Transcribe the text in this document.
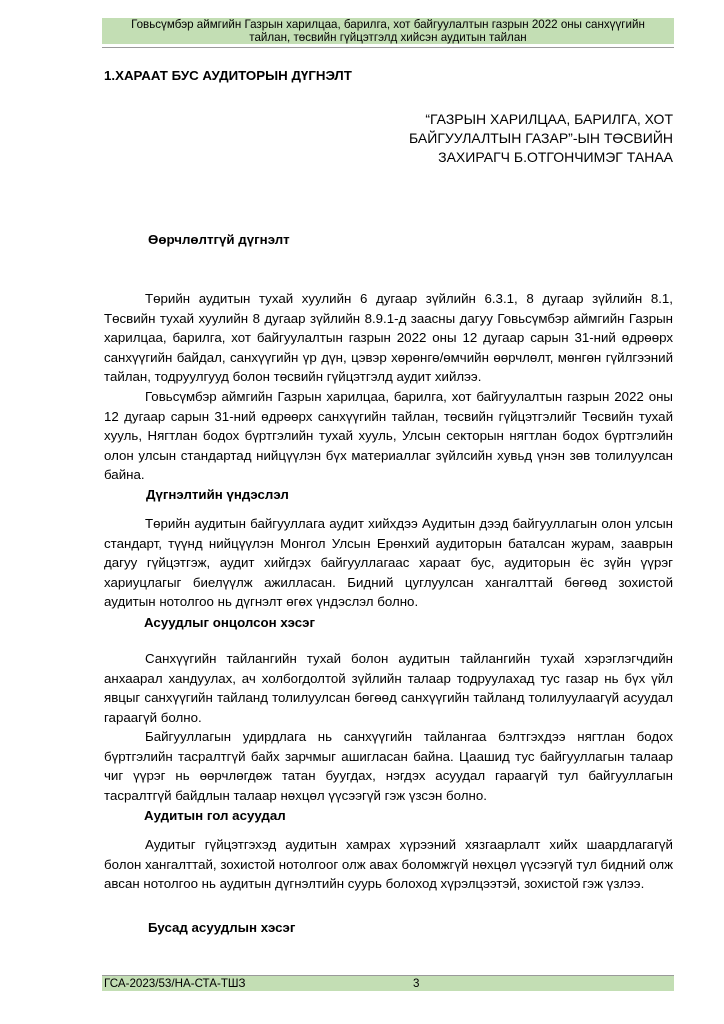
Говьсүмбэр аймгийн Газрын харилцаа, барилга, хот байгуулалтын газрын 2022 оны санхүүгийн
тайлан, төсвийн гүйцэтгэлд хийсэн аудитын тайлан
1.ХАРААТ БУС АУДИТОРЫН ДҮГНЭЛТ
“ГАЗРЫН ХАРИЛЦАА, БАРИЛГА, ХОТ
БАЙГУУЛАЛТЫН ГАЗАР”-ЫН ТӨСВИЙН
ЗАХИРАГЧ Б.ОТГОНЧИМЭГ ТАНАА
Өөрчлөлтгүй дүгнэлт

Төрийн аудитын тухай хуулийн 6 дугаар зүйлийн 6.3.1, 8 дугаар зүйлийн 8.1, Төсвийн тухай хуулийн 8 дугаар зүйлийн 8.9.1-д заасны дагуу Говьсүмбэр аймгийн Газрын харилцаа, барилга, хот байгуулалтын газрын 2022 оны 12 дугаар сарын 31-ний өдрөөрх санхүүгийн байдал, санхүүгийн үр дүн, цэвэр хөрөнгө/өмчийн өөрчлөлт, мөнгөн гүйлгээний тайлан, тодруулгууд болон төсвийн гүйцэтгэлд аудит хийлээ.

Говьсүмбэр аймгийн Газрын харилцаа, барилга, хот байгуулалтын газрын 2022 оны 12 дугаар сарын 31-ний өдрөөрх санхүүгийн тайлан, төсвийн гүйцэтгэлийг Төсвийн тухай хууль, Нягтлан бодох бүртгэлийн тухай хууль, Улсын секторын нягтлан бодох бүртгэлийн олон улсын стандартад нийцүүлэн бүх материаллаг зүйлсийн хувьд үнэн зөв толилуулсан байна.

Дүгнэлтийн үндэслэл

Төрийн аудитын байгууллага аудит хийхдээ Аудитын дээд байгууллагын олон улсын стандарт, түүнд нийцүүлэн Монгол Улсын Ерөнхий аудиторын баталсан журам, зааврын дагуу гүйцэтгэж, аудит хийгдэх байгууллагаас хараат бус, аудиторын ёс зүйн үүрэг хариуцлагыг биелүүлж ажилласан. Бидний цуглуулсан хангалттай бөгөөд зохистой аудитын нотолгоо нь дүгнэлт өгөх үндэслэл болно.

Асуудлыг онцолсон хэсэг

Санхүүгийн тайлангийн тухай болон аудитын тайлангийн тухай хэрэглэгчдийн анхаарал хандуулах, ач холбогдолтой зүйлийн талаар тодруулахад тус газар нь бүх үйл явцыг санхүүгийн тайланд толилуулсан бөгөөд санхүүгийн тайланд толилуулаагүй асуудал гараагүй болно.

Байгууллагын удирдлага нь санхүүгийн тайлангаа бэлтгэхдээ нягтлан бодох бүртгэлийн тасралтгүй байх зарчмыг ашигласан байна. Цаашид тус байгууллагын талаар чиг үүрэг нь өөрчлөгдөж татан буугдах, нэгдэх асуудал гараагүй тул байгууллагын тасралтгүй байдлын талаар нөхцөл үүсээгүй гэж үзсэн болно.

Аудитын гол асуудал

Аудитыг гүйцэтгэхэд аудитын хамрах хүрээний хязгаарлалт хийх шаардлагагүй болон хангалттай, зохистой нотолгоог олж авах боломжгүй нөхцөл үүсээгүй тул бидний олж авсан нотолгоо нь аудитын дүгнэлтийн суурь болоход хүрэлцээтэй, зохистой гэж үзлээ.

Бусад асуудлын хэсэг
ГСА-2023/53/НА-СТА-ТШЗ	3
